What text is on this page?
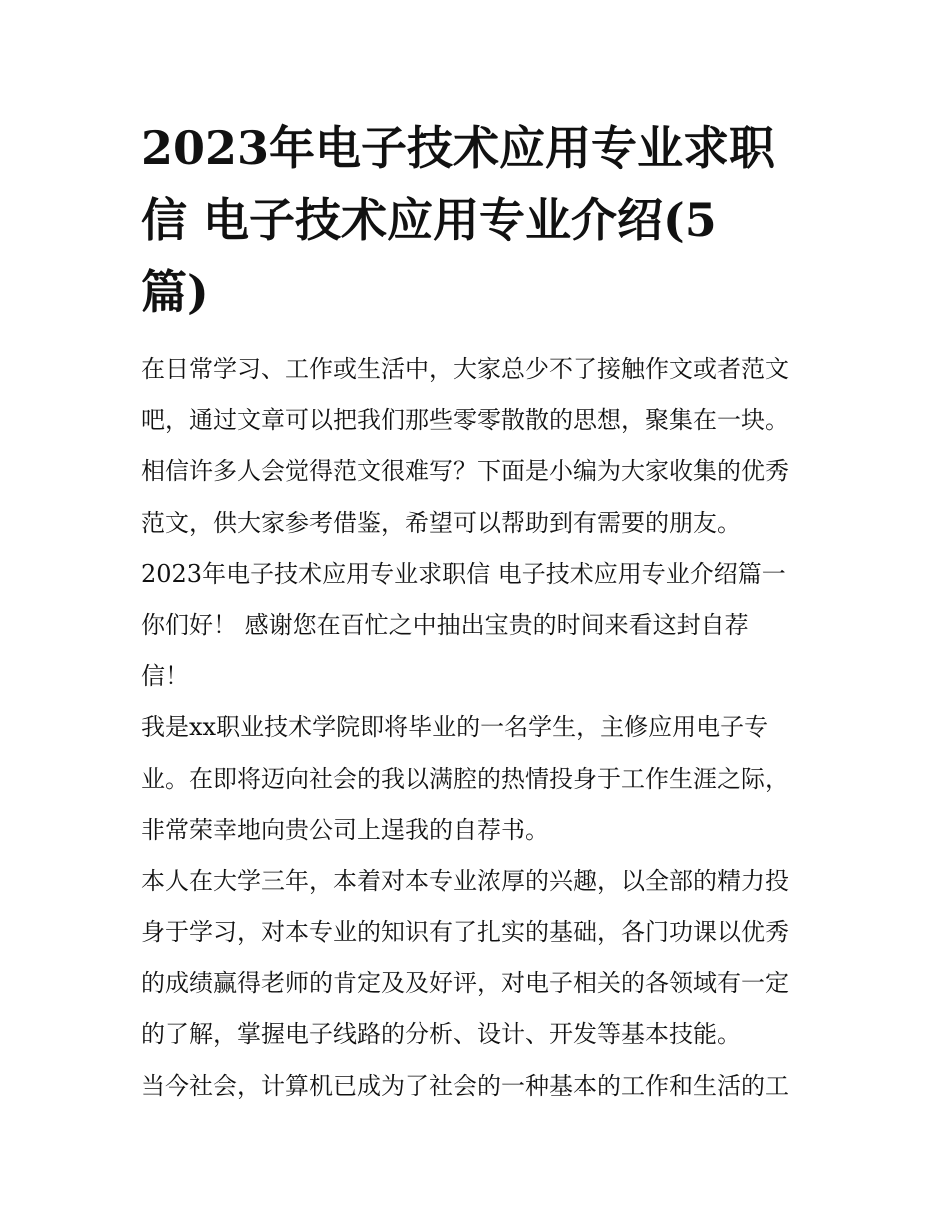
2023年电子技术应用专业求职
信 电子技术应用专业介绍(5
篇)
在日常学习、工作或生活中，大家总少不了接触作文或者范文
吧，通过文章可以把我们那些零零散散的思想，聚集在一块。
相信许多人会觉得范文很难写？下面是小编为大家收集的优秀
范文，供大家参考借鉴，希望可以帮助到有需要的朋友。
2023年电子技术应用专业求职信 电子技术应用专业介绍篇一
你们好！ 感谢您在百忙之中抽出宝贵的时间来看这封自荐
信！
我是xx职业技术学院即将毕业的一名学生，主修应用电子专
业。在即将迈向社会的我以满腔的热情投身于工作生涯之际，
非常荣幸地向贵公司上逞我的自荐书。
本人在大学三年，本着对本专业浓厚的兴趣，以全部的精力投
身于学习，对本专业的知识有了扎实的基础，各门功课以优秀
的成绩赢得老师的肯定及及好评，对电子相关的各领域有一定
的了解，掌握电子线路的分析、设计、开发等基本技能。
当今社会，计算机已成为了社会的一种基本的工作和生活的工
